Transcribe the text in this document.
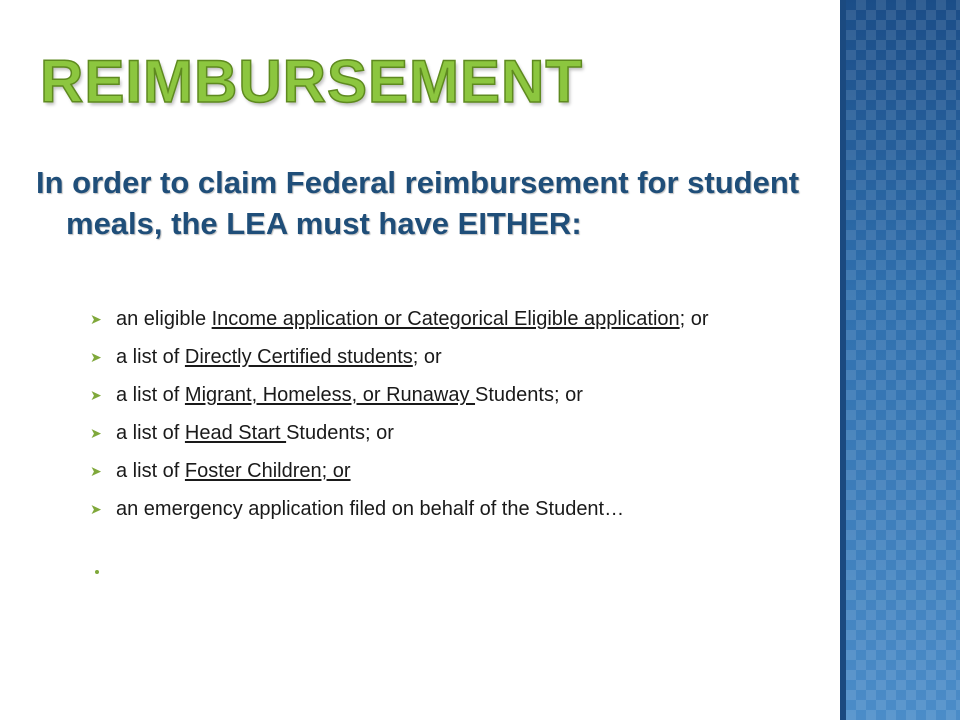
REIMBURSEMENT
In order to claim Federal reimbursement for student meals, the LEA must have EITHER:
➤ an eligible Income application or Categorical Eligible application; or
➤ a list of Directly Certified students; or
➤ a list of Migrant, Homeless, or Runaway Students; or
➤ a list of Head Start Students; or
➤ a list of Foster Children; or
➤ an emergency application filed on behalf of the Student…
